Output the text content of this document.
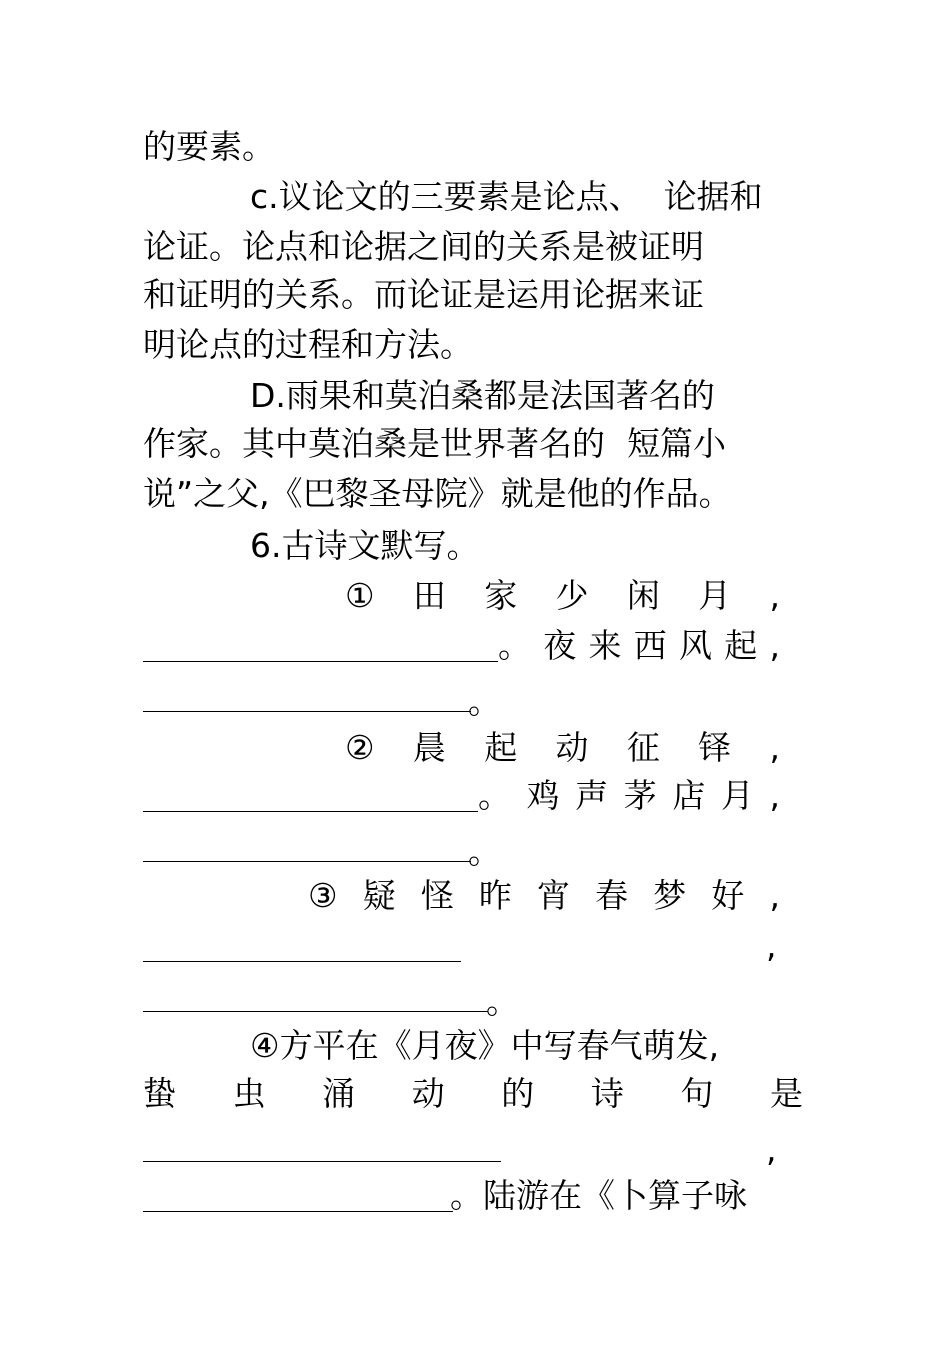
的要素。
c.议论文的三要素是论点、 论据和
论证。论点和论据之间的关系是被证明
和证明的关系。而论证是运用论据来证
明论点的过程和方法。
D.雨果和莫泊桑都是法国著名的
作家。其中莫泊桑是世界著名的 短篇小
说”之父,《巴黎圣母院》就是他的作品。
6.古诗文默写。
① 田 家 少 闲 月 ,
。 夜 来 西 风 起 ,
。
② 晨 起 动 征 铎 ,
。 鸡 声 茅 店 月 ,
。
③ 疑 怪 昨 宵 春 梦 好 ,
,
。
④方平在《月夜》中写春气萌发,
蛰 虫 涌 动 的 诗 句 是
,
。陆游在《卜算子咏
